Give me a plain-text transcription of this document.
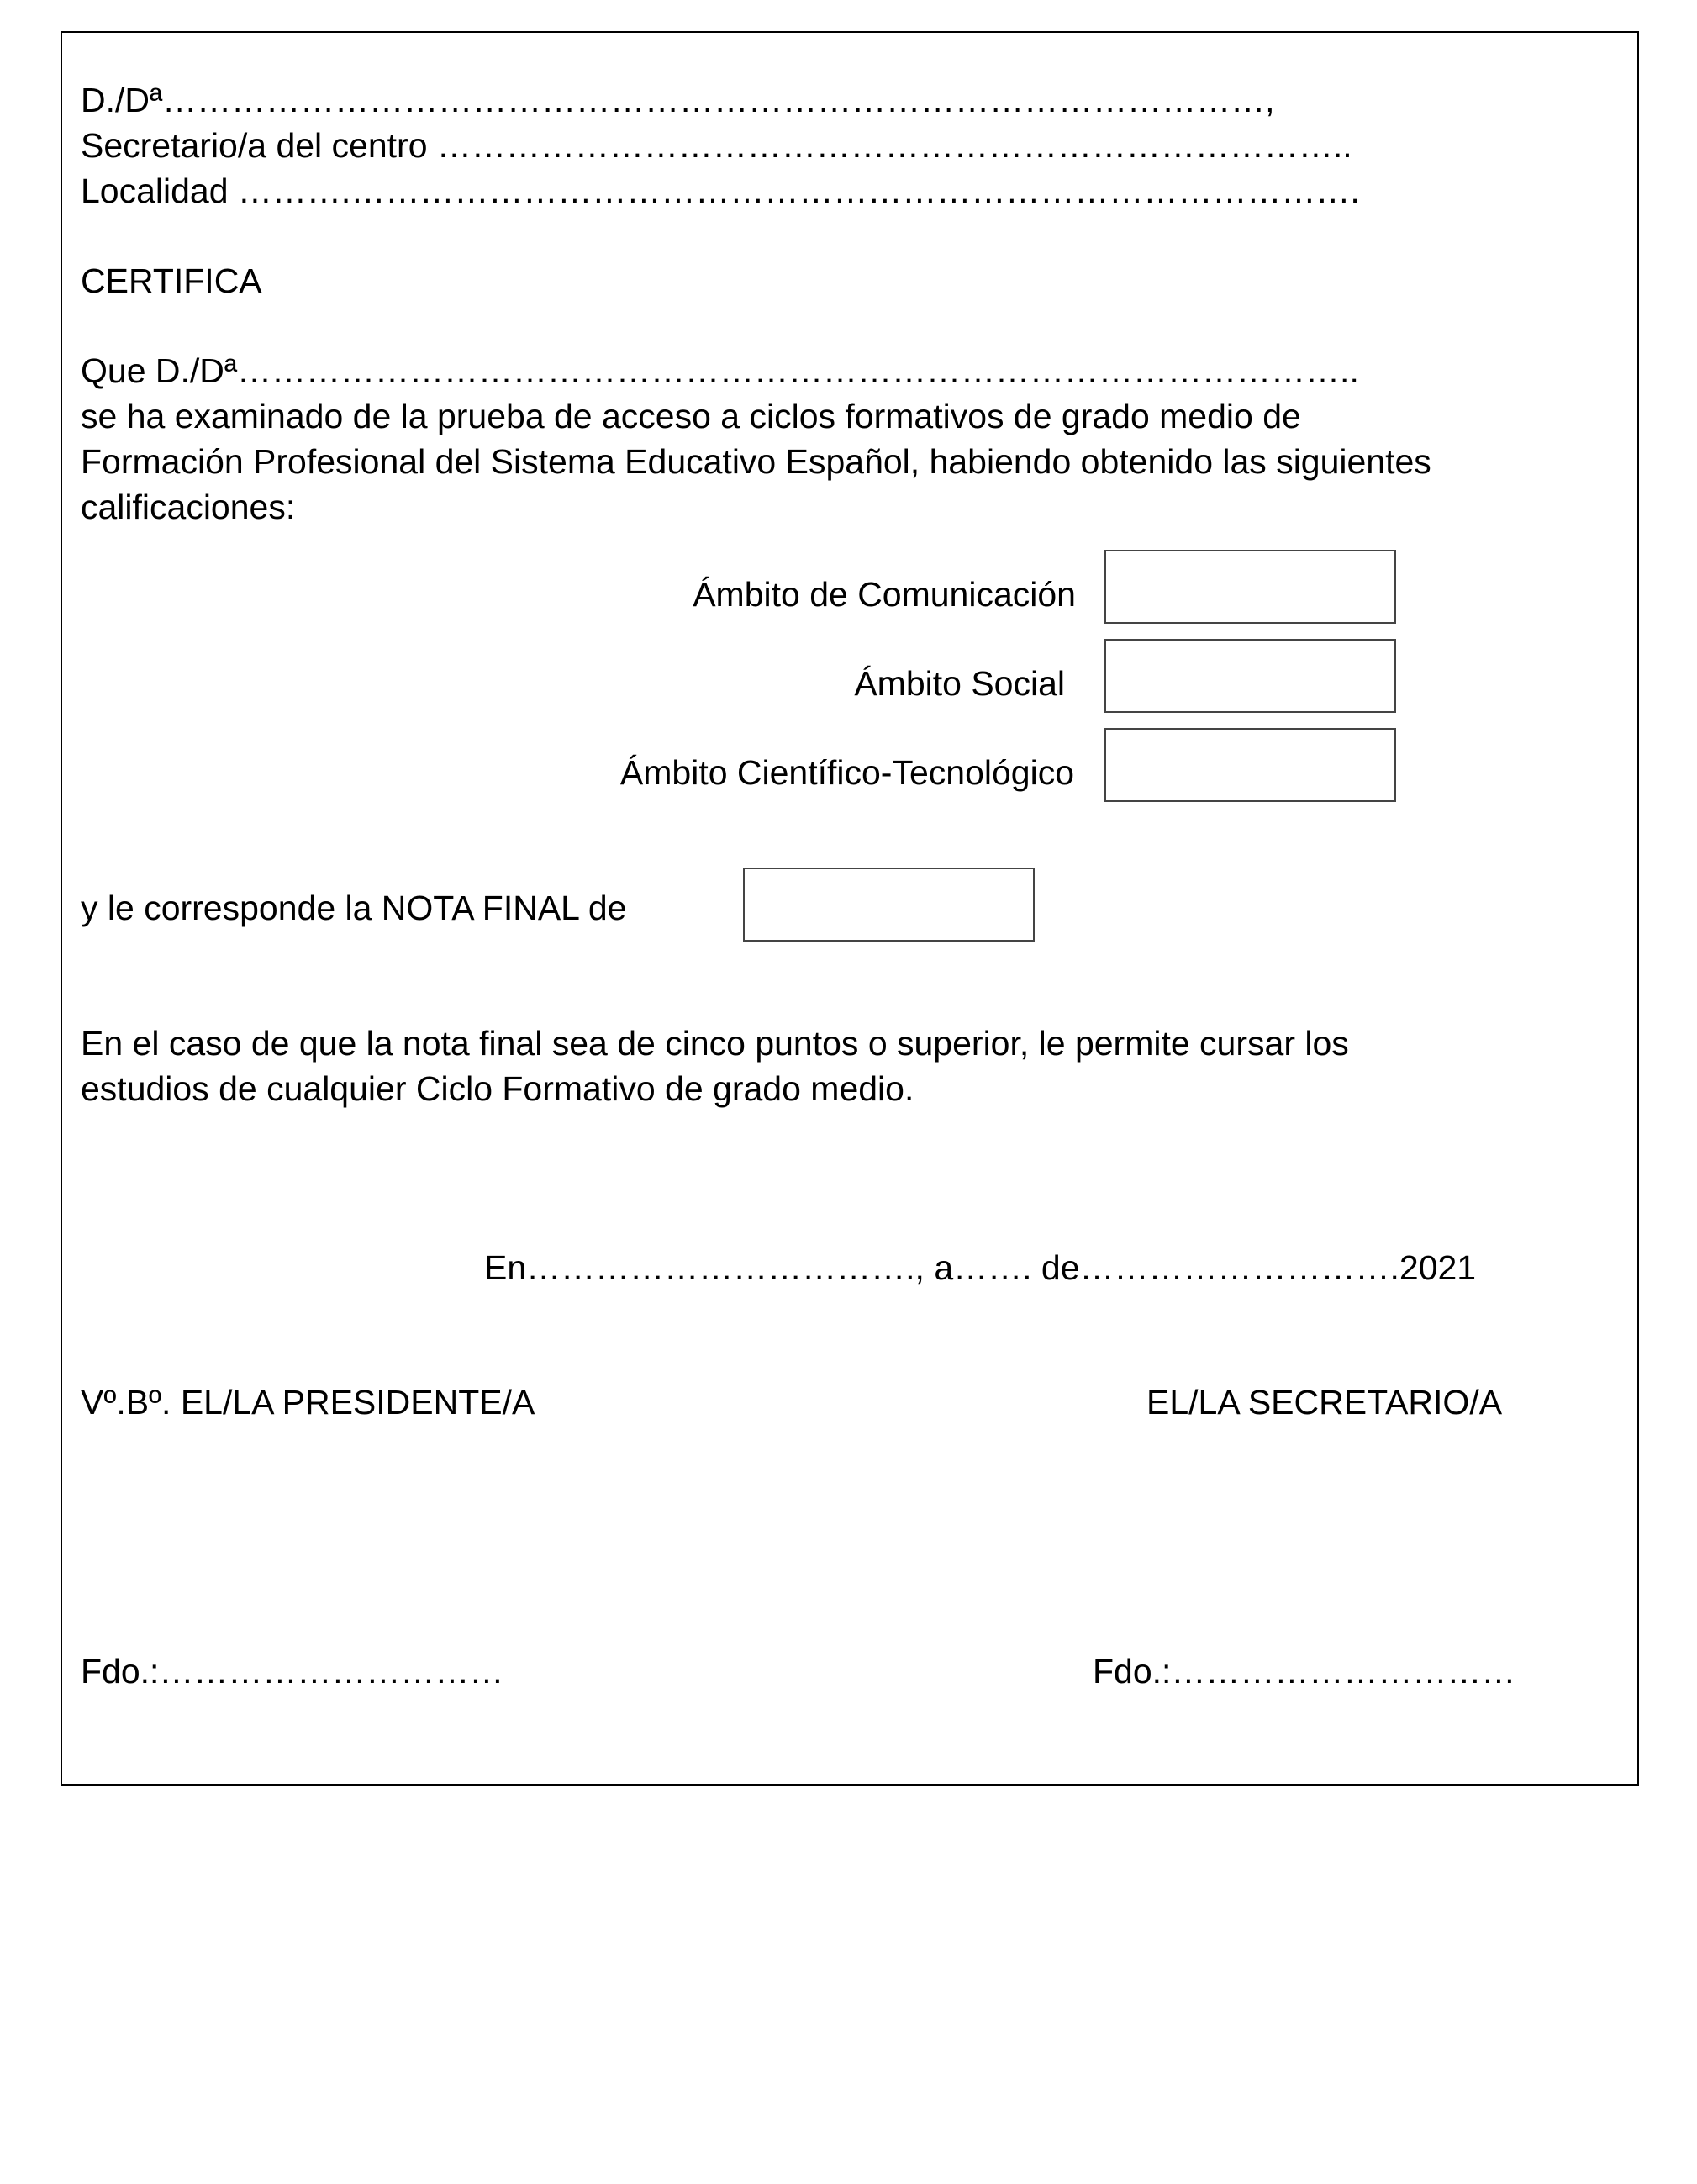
D./Dª……………………………………………………………………………………,
Secretario/a del centro ……………………………………………………………………..
Localidad ……….…………………………………………………………………………….
CERTIFICA
Que D./Dª……………………………………………………………………………………..
se ha examinado de la prueba de acceso a ciclos formativos de grado medio de
Formación Profesional del Sistema Educativo Español, habiendo obtenido las siguientes
calificaciones:
Ámbito de Comunicación
Ámbito Social
Ámbito Científico-Tecnológico
y le corresponde la NOTA FINAL de
En el caso de que la nota final sea de cinco puntos o superior, le permite cursar los
estudios de cualquier Ciclo Formativo de grado medio.
En……………………………., a……. de……………………….2021
Vº.Bº. EL/LA PRESIDENTE/A	EL/LA SECRETARIO/A
Fdo.:…………………………	Fdo.:…………………………
